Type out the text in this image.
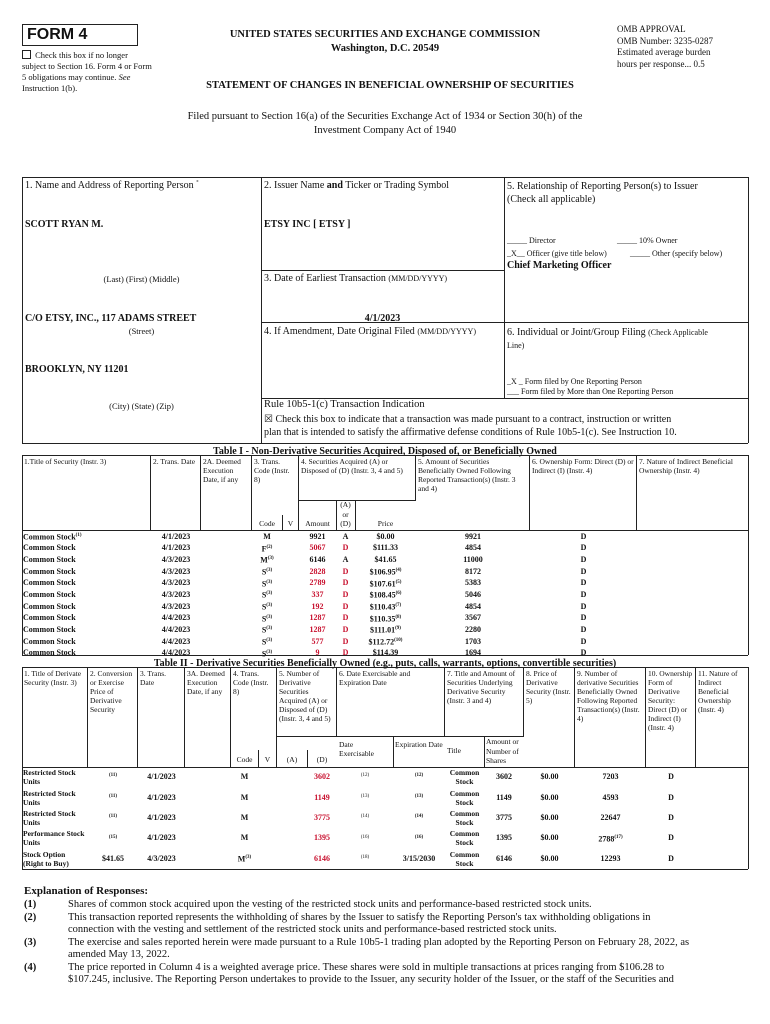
FORM 4
Check this box if no longer subject to Section 16. Form 4 or Form 5 obligations may continue. See Instruction 1(b).
UNITED STATES SECURITIES AND EXCHANGE COMMISSION
Washington, D.C. 20549
STATEMENT OF CHANGES IN BENEFICIAL OWNERSHIP OF SECURITIES
OMB APPROVAL
OMB Number: 3235-0287
Estimated average burden
hours per response... 0.5
Filed pursuant to Section 16(a) of the Securities Exchange Act of 1934 or Section 30(h) of the
Investment Company Act of 1940
1. Name and Address of Reporting Person *
SCOTT RYAN M.
(Last) (First) (Middle)
C/O ETSY, INC., 117 ADAMS STREET
(Street)
BROOKLYN, NY 11201
(City) (State) (Zip)
2. Issuer Name and Ticker or Trading Symbol
ETSY INC [ ETSY ]
3. Date of Earliest Transaction (MM/DD/YYYY)
4/1/2023
4. If Amendment, Date Original Filed (MM/DD/YYYY)
5. Relationship of Reporting Person(s) to Issuer
(Check all applicable)
_____ Director	_____ 10% Owner
_X__ Officer (give title below)	_____ Other (specify below)
Chief Marketing Officer
6. Individual or Joint/Group Filing (Check Applicable
Line)
_X _ Form filed by One Reporting Person
___ Form filed by More than One Reporting Person
Rule 10b5-1(c) Transaction Indication
☒ Check this box to indicate that a transaction was made pursuant to a contract, instruction or written
plan that is intended to satisfy the affirmative defense conditions of Rule 10b5-1(c). See Instruction 10.
Table I - Non-Derivative Securities Acquired, Disposed of, or Beneficially Owned
1.Title of Security (Instr. 3)	2. Trans. Date	2A. Deemed Execution Date, if any
3. Trans. Code (Instr. 8)
4. Securities Acquired (A) or Disposed of (D) (Instr. 3, 4 and 5)
5. Amount of Securities Beneficially Owned Following Reported Transaction(s) (Instr. 3 and 4)
6. Ownership Form: Direct (D) or Indirect (I) (Instr. 4)
7. Nature of Indirect Beneficial Ownership (Instr. 4)
Code	V	Amount
(A) or (D)	Price
Common Stock$^{(1)}$	4/1/2023		M		9921	A	$0.00	9921	D	
Common Stock	4/1/2023		$F^{(2)}$		5067	D	$111.33	4854	D	
Common Stock	4/3/2023		$M^{(3)}$		6146	A	$41.65	11000	D	
Common Stock	4/3/2023		$S^{(3)}$		2828	D	$106.95$^{(4)}$	8172	D	
Common Stock	4/3/2023		$S^{(3)}$		2789	D	$107.61$^{(5)}$	5383	D	
Common Stock	4/3/2023		$S^{(3)}$		337	D	$108.45$^{(6)}$	5046	D	
Common Stock	4/3/2023		$S^{(3)}$		192	D	$110.43$^{(7)}$	4854	D	
Common Stock	4/4/2023		$S^{(3)}$		1287	D	$110.35$^{(8)}$	3567	D	
Common Stock	4/4/2023		$S^{(3)}$		1287	D	$111.01$^{(9)}$	2280	D	
Common Stock	4/4/2023		$S^{(3)}$		577	D	$112.72$^{(10)}$	1703	D	
Common Stock	4/4/2023		$S^{(3)}$		9	D	$114.39	1694	D	
Table II - Derivative Securities Beneficially Owned (e.g., puts, calls, warrants, options, convertible securities)
1. Title of Derivate Security (Instr. 3)
2. Conversion or Exercise Price of Derivative Security
3. Trans. Date
3A. Deemed Execution Date, if any
4. Trans. Code (Instr. 8)
5. Number of Derivative Securities Acquired (A) or Disposed of (D) (Instr. 3, 4 and 5)
6. Date Exercisable and Expiration Date
7. Title and Amount of Securities Underlying Derivative Security (Instr. 3 and 4)
8. Price of Derivative Security (Instr. 5)
9. Number of derivative Securities Beneficially Owned Following Reported Transaction(s) (Instr. 4)
10. Ownership Form of Derivative Security: Direct (D) or Indirect (I) (Instr. 4)
11. Nature of Indirect Beneficial Ownership (Instr. 4)
Code	V	(A)	(D)
Date Exercisable
Expiration Date
Title
Amount or Number of Shares
Restricted Stock Units	$^{(11)}$	4/1/2023		M			3602	$^{(12)}$	$^{(12)}$	Common Stock	3602	$0.00	7203	D	
Restricted Stock Units	$^{(11)}$	4/1/2023		M			1149	$^{(13)}$	$^{(13)}$	Common Stock	1149	$0.00	4593	D	
Restricted Stock Units	$^{(11)}$	4/1/2023		M			3775	$^{(14)}$	$^{(14)}$	Common Stock	3775	$0.00	22647	D	
Performance Stock Units	$^{(15)}$	4/1/2023		M			1395	$^{(16)}$	$^{(16)}$	Common Stock	1395	$0.00	2788$^{(17)}$	D	
Stock Option (Right to Buy)	$41.65	4/3/2023		$M^{(3)}$			6146	$^{(18)}$	3/15/2030	Common Stock	6146	$0.00	12293	D	
Explanation of Responses:
(1)	Shares of common stock acquired upon the vesting of the restricted stock units and performance-based restricted stock units.
(2)	This transaction reported represents the withholding of shares by the Issuer to satisfy the Reporting Person's tax withholding obligations in
connection with the vesting and settlement of the restricted stock units and performance-based restricted stock units.
(3)	The exercise and sales reported herein were made pursuant to a Rule 10b5-1 trading plan adopted by the Reporting Person on February 28, 2022, as
amended May 13, 2022.
(4)	The price reported in Column 4 is a weighted average price. These shares were sold in multiple transactions at prices ranging from $106.28 to
$107.245, inclusive. The Reporting Person undertakes to provide to the Issuer, any security holder of the Issuer, or the staff of the Securities and
